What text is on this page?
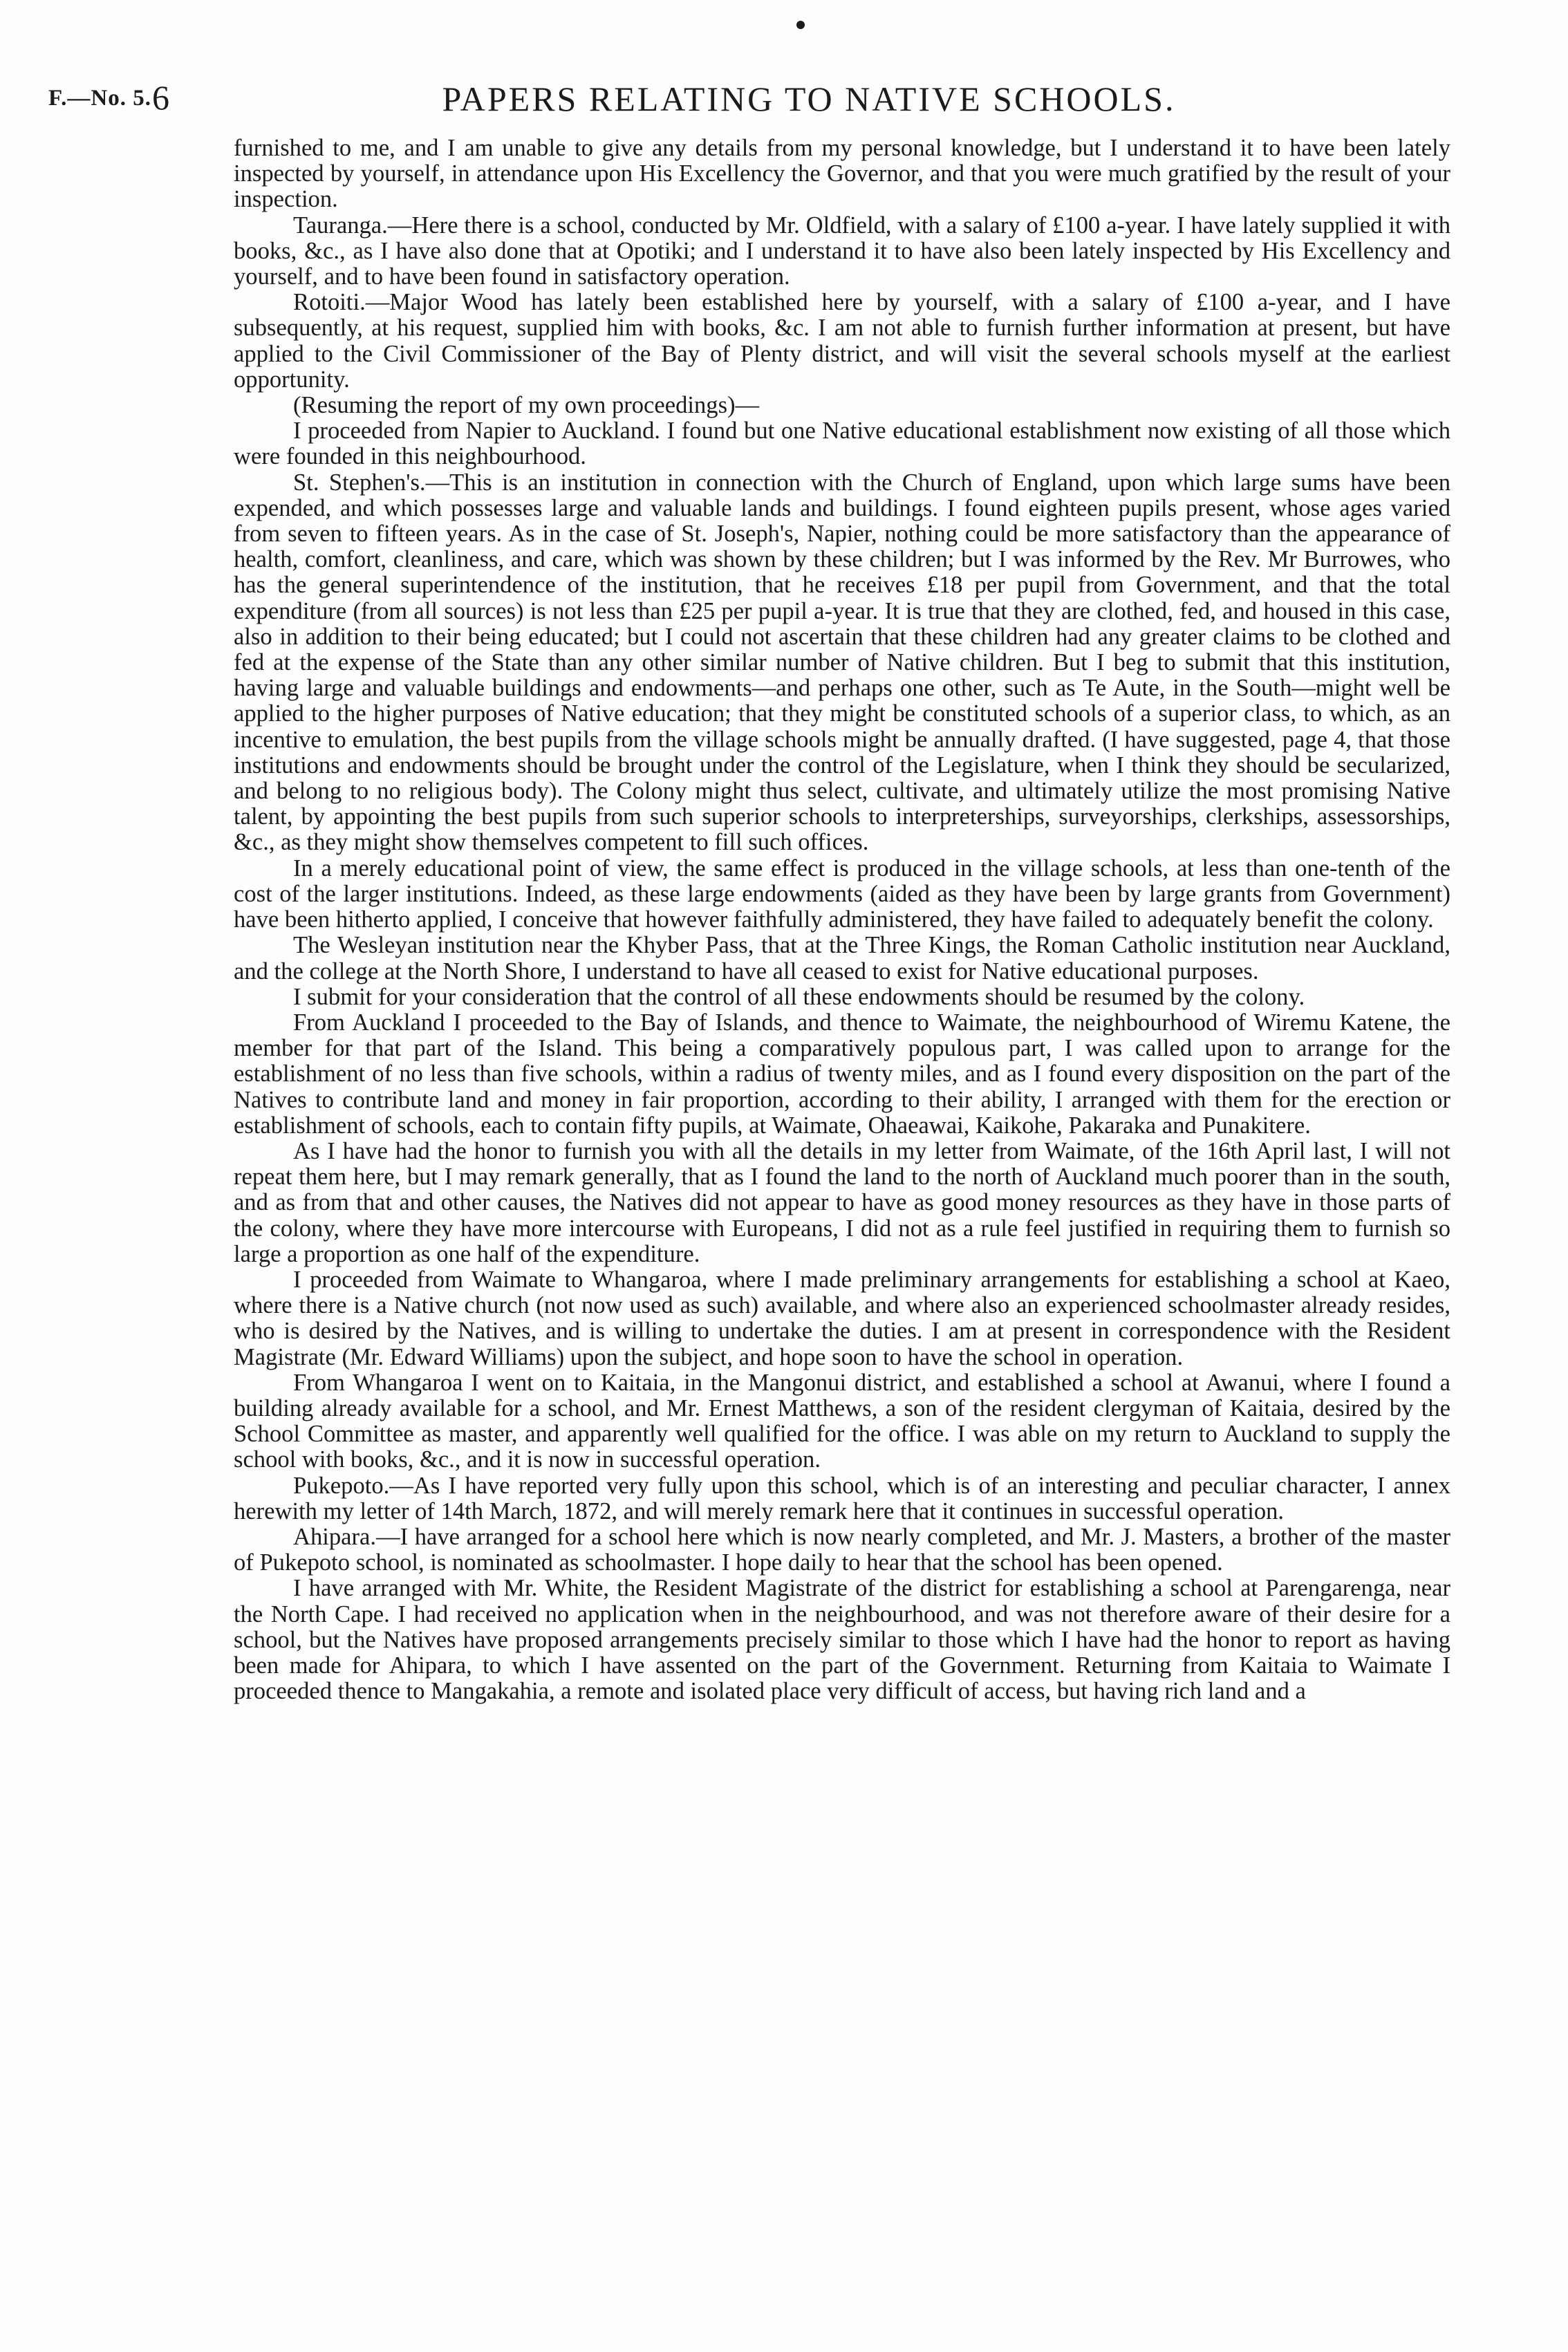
F.—No. 5. 6	PAPERS RELATING TO NATIVE SCHOOLS.

furnished to me, and I am unable to give any details from my personal knowledge, but I understand it to have been lately inspected by yourself, in attendance upon His Excellency the Governor, and that you were much gratified by the result of your inspection.

Tauranga.—Here there is a school, conducted by Mr. Oldfield, with a salary of £100 a-year. I have lately supplied it with books, &c., as I have also done that at Opotiki; and I understand it to have also been lately inspected by His Excellency and yourself, and to have been found in satisfactory operation.

Rotoiti.—Major Wood has lately been established here by yourself, with a salary of £100 a-year, and I have subsequently, at his request, supplied him with books, &c. I am not able to furnish further information at present, but have applied to the Civil Commissioner of the Bay of Plenty district, and will visit the several schools myself at the earliest opportunity.

(Resuming the report of my own proceedings)—

I proceeded from Napier to Auckland. I found but one Native educational establishment now existing of all those which were founded in this neighbourhood.

St. Stephen's.—This is an institution in connection with the Church of England, upon which large sums have been expended, and which possesses large and valuable lands and buildings. I found eighteen pupils present, whose ages varied from seven to fifteen years. As in the case of St. Joseph's, Napier, nothing could be more satisfactory than the appearance of health, comfort, cleanliness, and care, which was shown by these children; but I was informed by the Rev. Mr Burrowes, who has the general superintendence of the institution, that he receives £18 per pupil from Government, and that the total expenditure (from all sources) is not less than £25 per pupil a-year. It is true that they are clothed, fed, and housed in this case, also in addition to their being educated; but I could not ascertain that these children had any greater claims to be clothed and fed at the expense of the State than any other similar number of Native children. But I beg to submit that this institution, having large and valuable buildings and endowments—and perhaps one other, such as Te Aute, in the South—might well be applied to the higher purposes of Native education; that they might be constituted schools of a superior class, to which, as an incentive to emulation, the best pupils from the village schools might be annually drafted. (I have suggested, page 4, that those institutions and endowments should be brought under the control of the Legislature, when I think they should be secularized, and belong to no religious body). The Colony might thus select, cultivate, and ultimately utilize the most promising Native talent, by appointing the best pupils from such superior schools to interpreterships, surveyorships, clerkships, assessorships, &c., as they might show themselves competent to fill such offices.

In a merely educational point of view, the same effect is produced in the village schools, at less than one-tenth of the cost of the larger institutions. Indeed, as these large endowments (aided as they have been by large grants from Government) have been hitherto applied, I conceive that however faithfully administered, they have failed to adequately benefit the colony.

The Wesleyan institution near the Khyber Pass, that at the Three Kings, the Roman Catholic institution near Auckland, and the college at the North Shore, I understand to have all ceased to exist for Native educational purposes.

I submit for your consideration that the control of all these endowments should be resumed by the colony.

From Auckland I proceeded to the Bay of Islands, and thence to Waimate, the neighbourhood of Wiremu Katene, the member for that part of the Island. This being a comparatively populous part, I was called upon to arrange for the establishment of no less than five schools, within a radius of twenty miles, and as I found every disposition on the part of the Natives to contribute land and money in fair proportion, according to their ability, I arranged with them for the erection or establishment of schools, each to contain fifty pupils, at Waimate, Ohaeawai, Kaikohe, Pakaraka and Punakitere.

As I have had the honor to furnish you with all the details in my letter from Waimate, of the 16th April last, I will not repeat them here, but I may remark generally, that as I found the land to the north of Auckland much poorer than in the south, and as from that and other causes, the Natives did not appear to have as good money resources as they have in those parts of the colony, where they have more intercourse with Europeans, I did not as a rule feel justified in requiring them to furnish so large a proportion as one half of the expenditure.

I proceeded from Waimate to Whangaroa, where I made preliminary arrangements for establishing a school at Kaeo, where there is a Native church (not now used as such) available, and where also an experienced schoolmaster already resides, who is desired by the Natives, and is willing to undertake the duties. I am at present in correspondence with the Resident Magistrate (Mr. Edward Williams) upon the subject, and hope soon to have the school in operation.

From Whangaroa I went on to Kaitaia, in the Mangonui district, and established a school at Awanui, where I found a building already available for a school, and Mr. Ernest Matthews, a son of the resident clergyman of Kaitaia, desired by the School Committee as master, and apparently well qualified for the office. I was able on my return to Auckland to supply the school with books, &c., and it is now in successful operation.

Pukepoto.—As I have reported very fully upon this school, which is of an interesting and peculiar character, I annex herewith my letter of 14th March, 1872, and will merely remark here that it continues in successful operation.

Ahipara.—I have arranged for a school here which is now nearly completed, and Mr. J. Masters, a brother of the master of Pukepoto school, is nominated as schoolmaster. I hope daily to hear that the school has been opened.

I have arranged with Mr. White, the Resident Magistrate of the district for establishing a school at Parengarenga, near the North Cape. I had received no application when in the neighbourhood, and was not therefore aware of their desire for a school, but the Natives have proposed arrangements precisely similar to those which I have had the honor to report as having been made for Ahipara, to which I have assented on the part of the Government. Returning from Kaitaia to Waimate I proceeded thence to Mangakahia, a remote and isolated place very difficult of access, but having rich land and a
